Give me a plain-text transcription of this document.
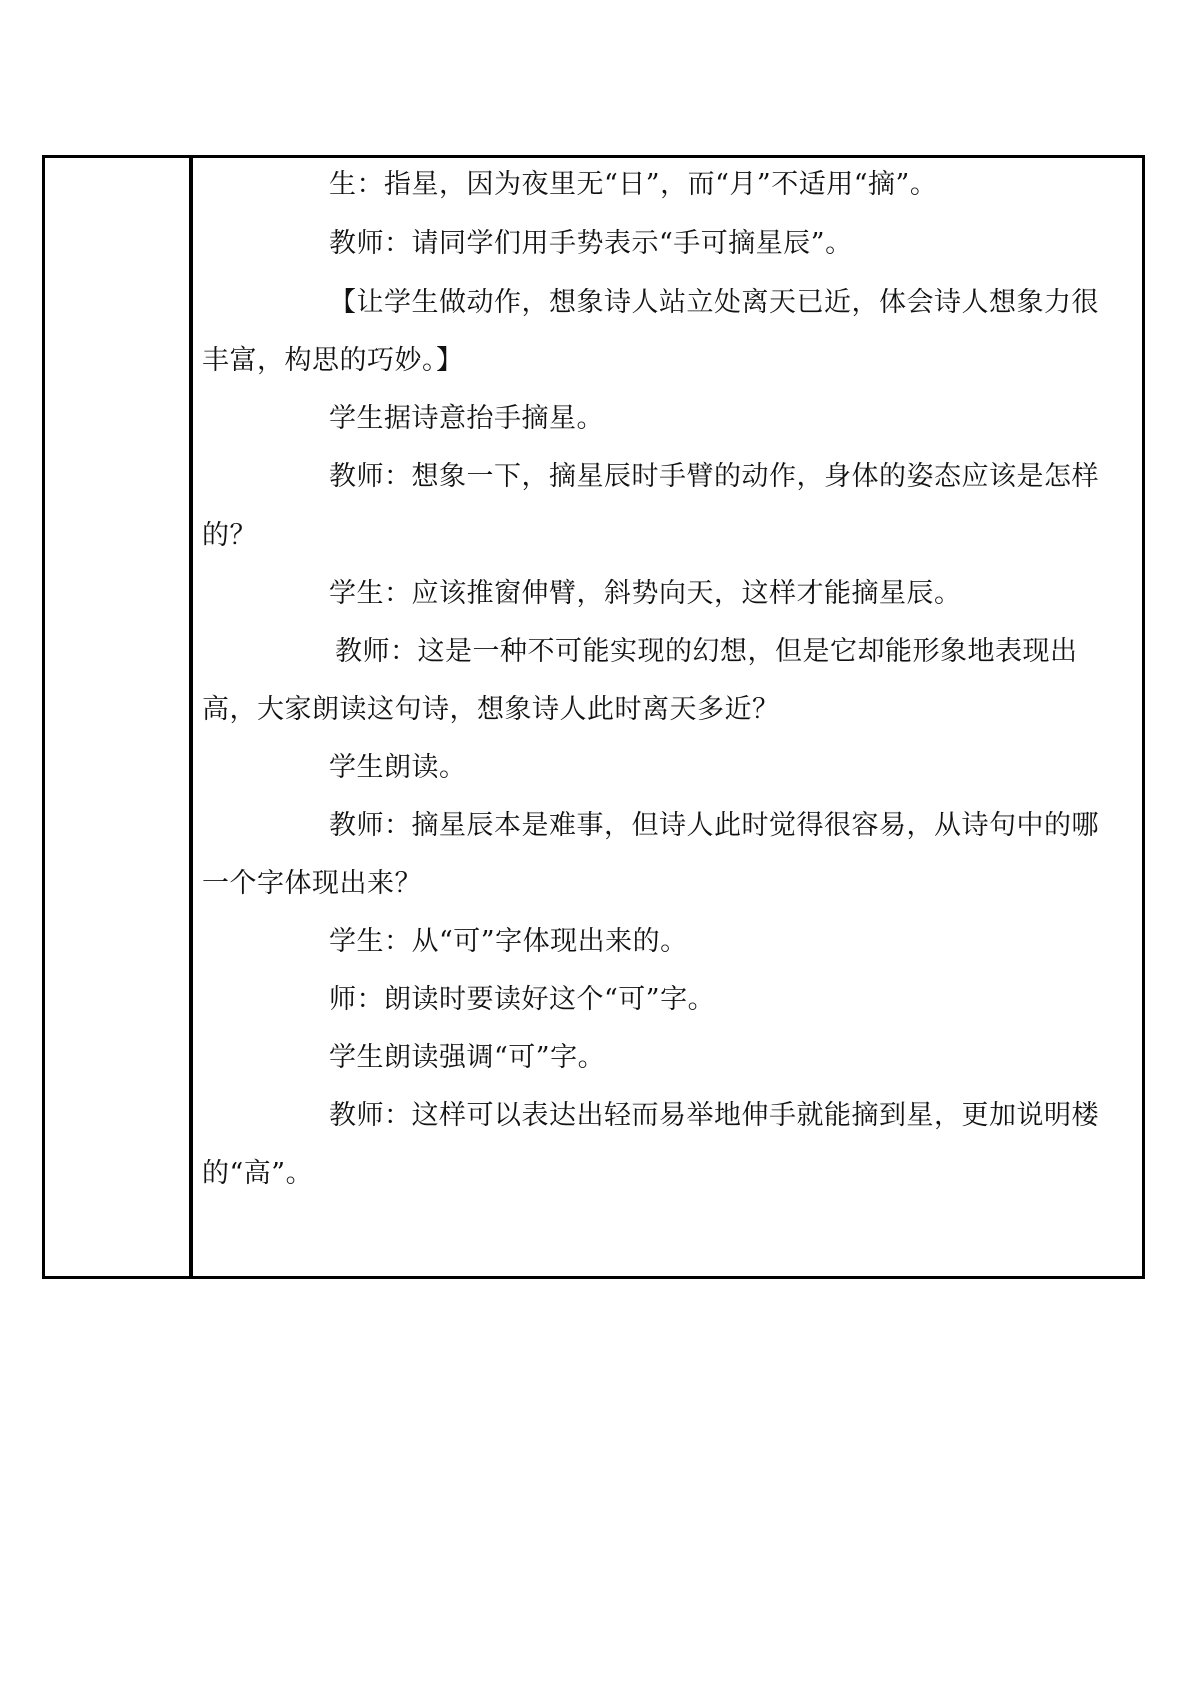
生：指星，因为夜里无“日”，而“月”不适用“摘”。
教师：请同学们用手势表示“手可摘星辰”。
【让学生做动作，想象诗人站立处离天已近，体会诗人想象力很
丰富，构思的巧妙。】
学生据诗意抬手摘星。
教师：想象一下，摘星辰时手臂的动作，身体的姿态应该是怎样
的？
学生：应该推窗伸臂，斜势向天，这样才能摘星辰。
教师：这是一种不可能实现的幻想，但是它却能形象地表现出
高，大家朗读这句诗，想象诗人此时离天多近？
学生朗读。
教师：摘星辰本是难事，但诗人此时觉得很容易，从诗句中的哪
一个字体现出来？
学生：从“可”字体现出来的。
师：朗读时要读好这个“可”字。
学生朗读强调“可”字。
教师：这样可以表达出轻而易举地伸手就能摘到星，更加说明楼
的“高”。
